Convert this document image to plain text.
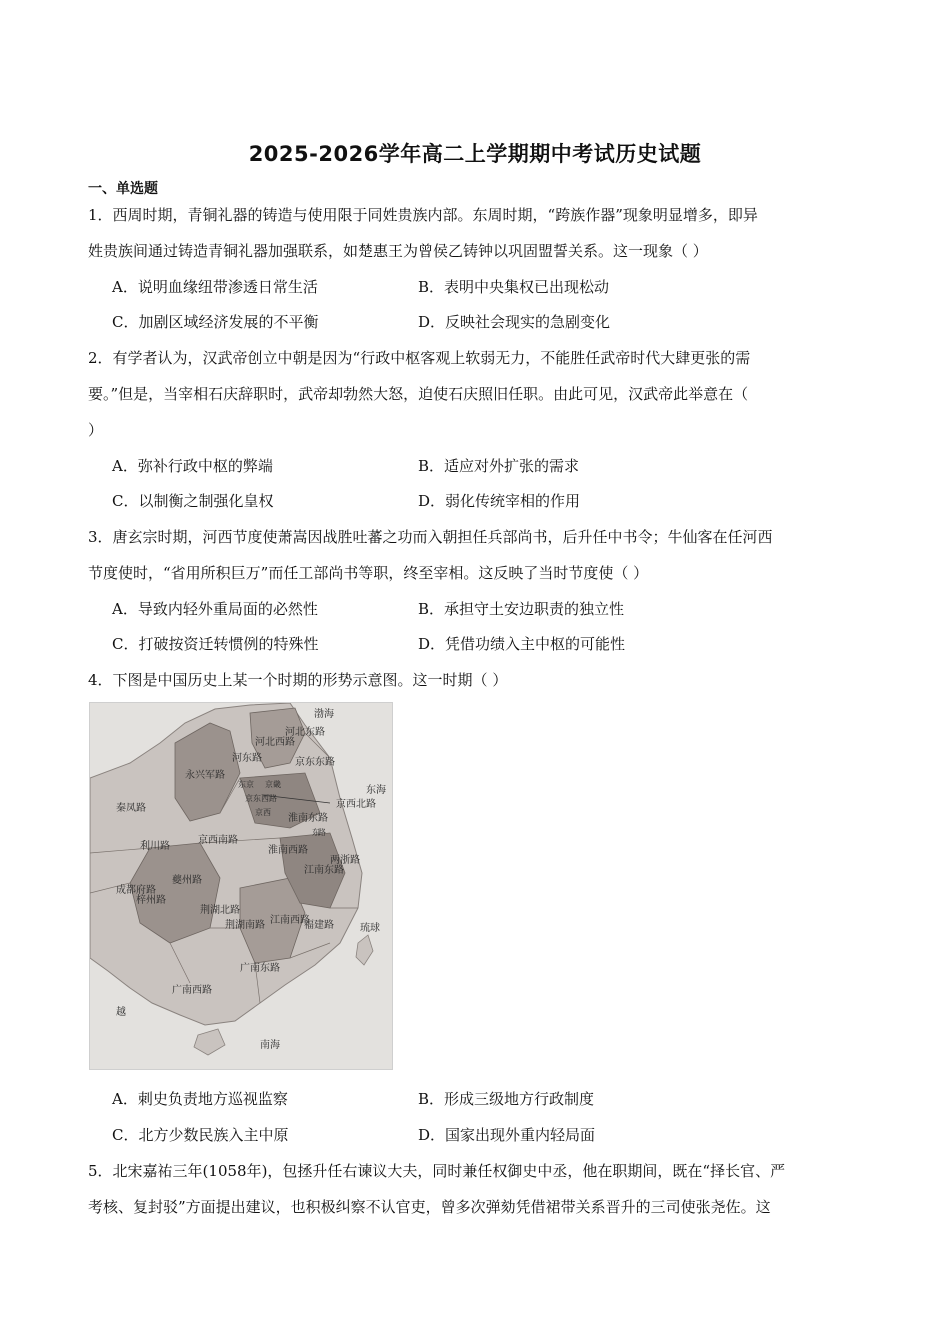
2025-2026学年高二上学期期中考试历史试题
一、单选题
1．西周时期，青铜礼器的铸造与使用限于同姓贵族内部。东周时期，“跨族作器”现象明显增多，即异
姓贵族间通过铸造青铜礼器加强联系，如楚惠王为曾侯乙铸钟以巩固盟誓关系。这一现象（ ）
A．说明血缘纽带渗透日常生活	B．表明中央集权已出现松动
C．加剧区域经济发展的不平衡	D．反映社会现实的急剧变化
2．有学者认为，汉武帝创立中朝是因为“行政中枢客观上软弱无力，不能胜任武帝时代大肆更张的需
要。”但是，当宰相石庆辞职时，武帝却勃然大怒，迫使石庆照旧任职。由此可见，汉武帝此举意在（
）
A．弥补行政中枢的弊端	B．适应对外扩张的需求
C．以制衡之制强化皇权	D．弱化传统宰相的作用
3．唐玄宗时期，河西节度使萧嵩因战胜吐蕃之功而入朝担任兵部尚书，后升任中书令；牛仙客在任河西
节度使时，“省用所积巨万”而任工部尚书等职，终至宰相。这反映了当时节度使（ ）
A．导致内轻外重局面的必然性	B．承担守土安边职责的独立性
C．打破按资迁转惯例的特殊性	D．凭借功绩入主中枢的可能性
4．下图是中国历史上某一个时期的形势示意图。这一时期（ ）
河东路
河北西路
河北东路
京东东路
永兴军路
秦凤路
京东西路
京西北路
京西南路
利川路	淮南西路
淮南东路
江南东路
两浙路
成都府路
梓州路
夔州路
荆湖北路
荆湖南路 江南西路
福建路
广南东路
广南西路
琉球
越
渤海
东海
南海
东京 京畿
京西
东
路
A．刺史负责地方巡视监察	B．形成三级地方行政制度
C．北方少数民族入主中原	D．国家出现外重内轻局面
5．北宋嘉祐三年(1058年)，包拯升任右谏议大夫，同时兼任权御史中丞，他在职期间，既在“择长官、严
考核、复封驳”方面提出建议，也积极纠察不认官吏，曾多次弹劾凭借裙带关系晋升的三司使张尧佐。这
